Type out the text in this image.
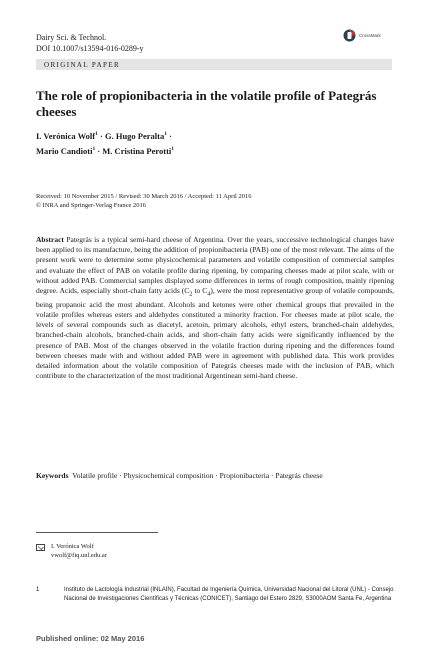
Dairy Sci. & Technol.
DOI 10.1007/s13594-016-0289-y
CrossMark
ORIGINAL PAPER
The role of propionibacteria in the volatile profile of Pategrás cheeses
I. Verónica Wolf$^1$ · G. Hugo Peralta$^1$ ·
Mario Candioti$^1$ · M. Cristina Perotti$^1$
Received: 10 November 2015 / Revised: 30 March 2016 / Accepted: 11 April 2016
© INRA and Springer-Verlag France 2016
Abstract Pategrás is a typical semi-hard cheese of Argentina. Over the years, successive technological changes have been applied to its manufacture, being the addition of propionibacteria (PAB) one of the most relevant. The aims of the present work were to determine some physicochemical parameters and volatile composition of commercial samples and evaluate the effect of PAB on volatile profile during ripening, by comparing cheeses made at pilot scale, with or without added PAB. Commercial samples displayed some differences in terms of rough composition, mainly ripening degree. Acids, especially short-chain fatty acids ($C_2$ to $C_4$), were the most representative group of volatile compounds, being propanoic acid the most abundant. Alcohols and ketones were other chemical groups that prevailed in the volatile profiles whereas esters and aldehydes constituted a minority fraction. For cheeses made at pilot scale, the levels of several compounds such as diacetyl, acetoin, primary alcohols, ethyl esters, branched-chain aldehydes, branched-chain alcohols, branched-chain acids, and short-chain fatty acids were significantly influenced by the presence of PAB. Most of the changes observed in the volatile fraction during ripening and the differences found between cheeses made with and without added PAB were in agreement with published data. This work provides detailed information about the volatile composition of Pategrás cheeses made with the inclusion of PAB, which contribute to the characterization of the most traditional Argentinean semi-hard cheese.
Keywords Volatile profile · Physicochemical composition · Propionibacteria · Pategrás cheese
I. Verónica Wolf
vwolf@fiq.unl.edu.ar
1	Instituto de Lactología Industrial (INLAIN), Facultad de Ingeniería Química, Universidad Nacional del Litoral (UNL) - Consejo Nacional de Investigaciones Científicas y Técnicas (CONICET), Santiago del Estero 2829, S3000AOM Santa Fe, Argentina
Published online: 02 May 2016
